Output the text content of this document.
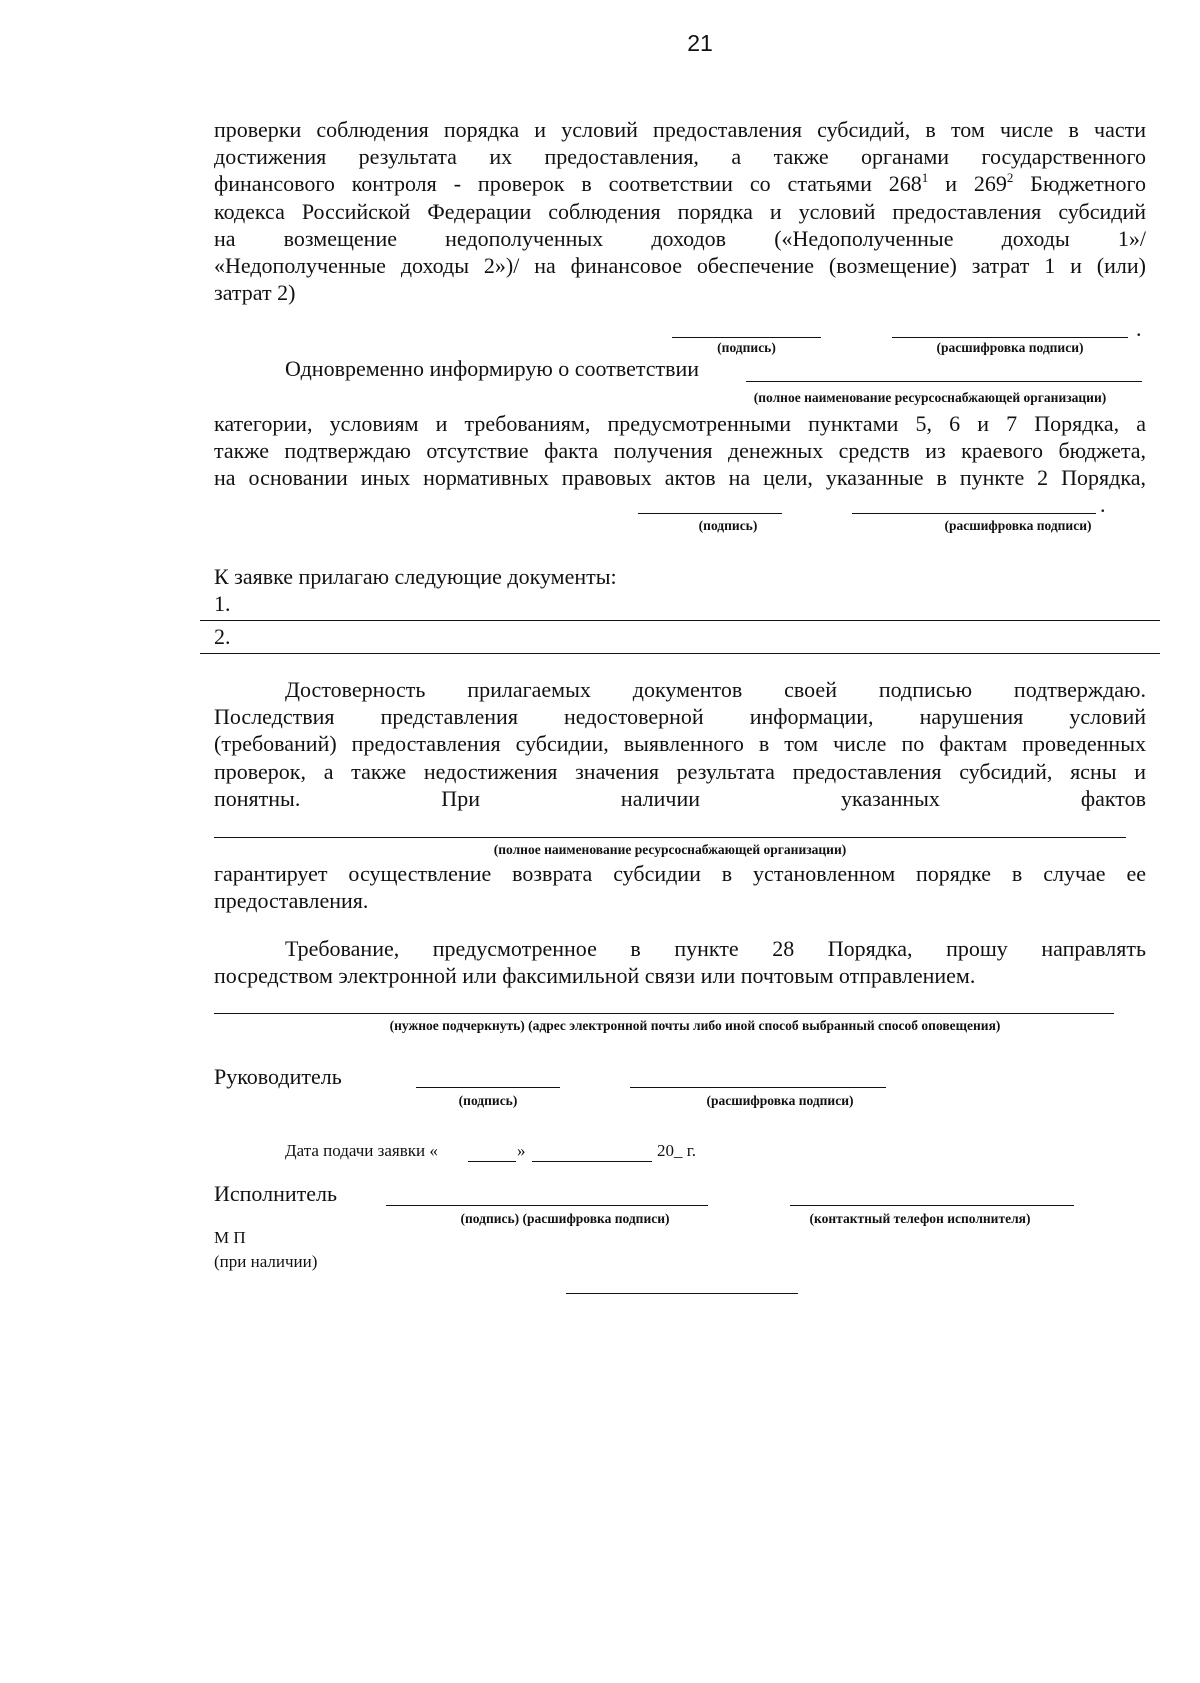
21
проверки соблюдения порядка и условий предоставления субсидий, в том числе в части
достижения результата их предоставления, а также органами государственного
финансового контроля - проверок в соответствии со статьями $268^1$ и $269^2$ Бюджетного
кодекса Российской Федерации соблюдения порядка и условий предоставления субсидий
на возмещение недополученных доходов («Недополученные доходы 1»/
«Недополученные доходы 2»)/ на финансовое обеспечение (возмещение) затрат 1 и (или)
затрат 2)
.
(подпись)	(расшифровка подписи)
Одновременно информирую о соответствии
(полное наименование ресурсоснабжающей организации)
категории, условиям и требованиям, предусмотренными пунктами 5, 6 и 7 Порядка, а
также подтверждаю отсутствие факта получения денежных средств из краевого бюджета,
на основании иных нормативных правовых актов на цели, указанные в пункте 2 Порядка,
.
(подпись)	(расшифровка подписи)
К заявке прилагаю следующие документы:
1.
2.
Достоверность прилагаемых документов своей подписью подтверждаю.
Последствия представления недостоверной информации, нарушения условий
(требований) предоставления субсидии, выявленного в том числе по фактам проведенных
проверок, а также недостижения значения результата предоставления субсидий, ясны и
понятны. При наличии указанных фактов
(полное наименование ресурсоснабжающей организации)
гарантирует осуществление возврата субсидии в установленном порядке в случае ее
предоставления.
Требование, предусмотренное в пункте 28 Порядка, прошу направлять
посредством электронной или факсимильной связи или почтовым отправлением.
(нужное подчеркнуть) (адрес электронной почты либо иной способ выбранный способ оповещения)
Руководитель
(подпись)	(расшифровка подписи)
Дата подачи заявки «	»	20_ г.
Исполнитель
(подпись) (расшифровка подписи)	(контактный телефон исполнителя)
М П
(при наличии)
